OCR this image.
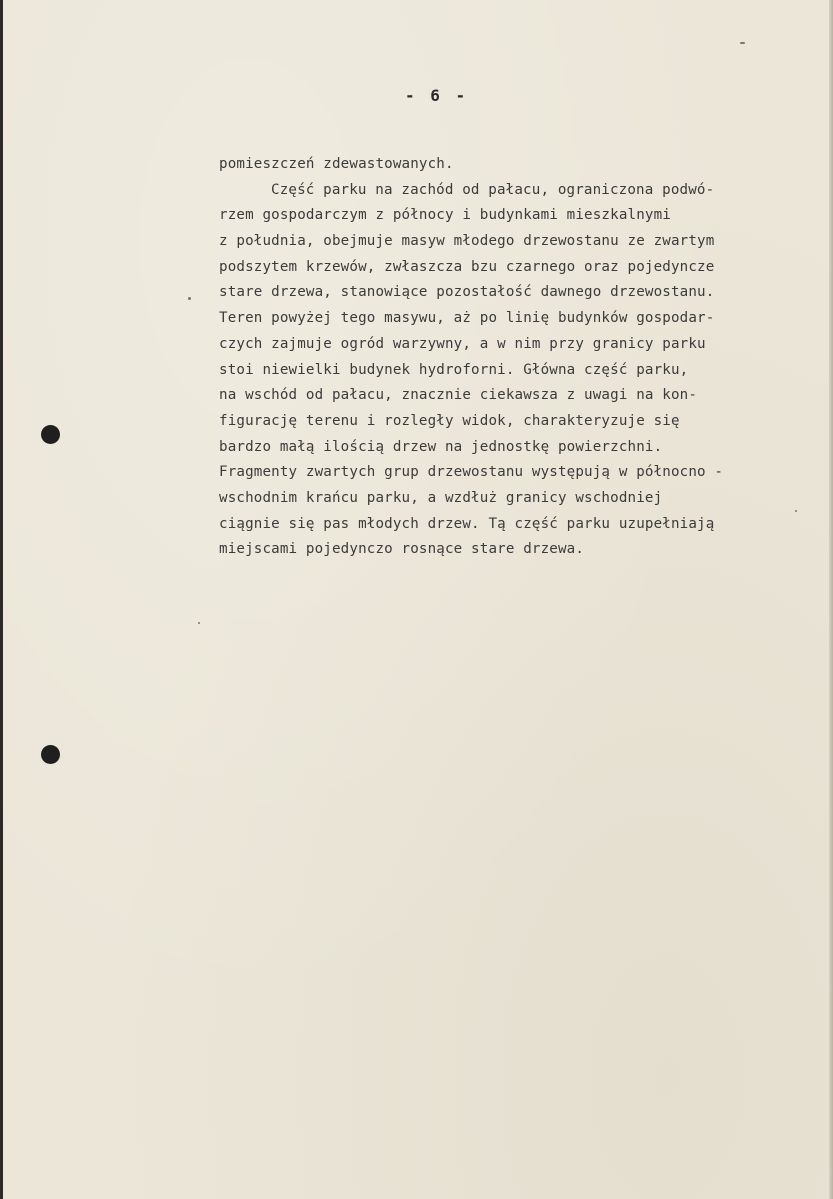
- 6 -
pomieszczeń zdewastowanych.
Część parku na zachód od pałacu, ograniczona podwó-
rzem gospodarczym z północy i budynkami mieszkalnymi
z południa, obejmuje masyw młodego drzewostanu ze zwartym
podszytem krzewów, zwłaszcza bzu czarnego oraz pojedyncze
stare drzewa, stanowiące pozostałość dawnego drzewostanu.
Teren powyżej tego masywu, aż po linię budynków gospodar-
czych zajmuje ogród warzywny, a w nim przy granicy parku
stoi niewielki budynek hydroforni. Główna część parku,
na wschód od pałacu, znacznie ciekawsza z uwagi na kon-
figurację terenu i rozległy widok, charakteryzuje się
bardzo małą ilością drzew na jednostkę powierzchni.
Fragmenty zwartych grup drzewostanu występują w północno -
wschodnim krańcu parku, a wzdłuż granicy wschodniej
ciągnie się pas młodych drzew. Tą część parku uzupełniają
miejscami pojedynczo rosnące stare drzewa.
